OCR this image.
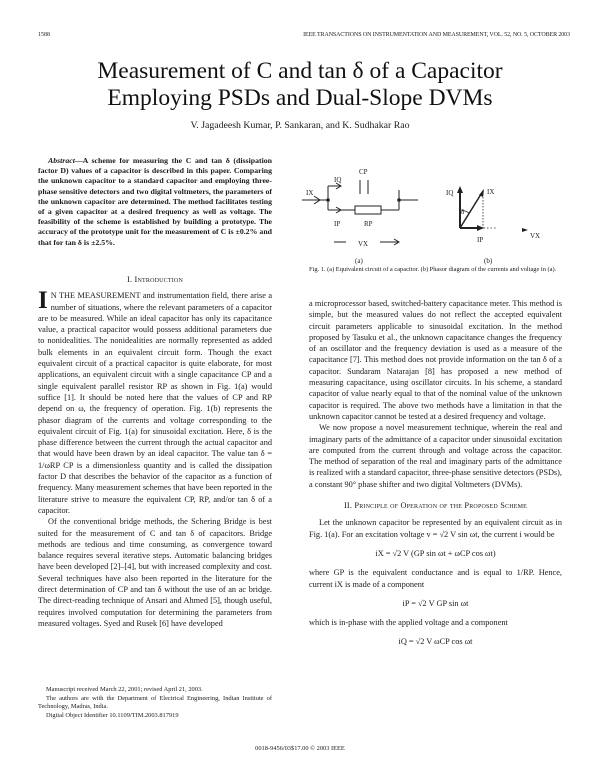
1588	IEEE TRANSACTIONS ON INSTRUMENTATION AND MEASUREMENT, VOL. 52, NO. 5, OCTOBER 2003
Measurement of C and tan δ of a Capacitor
Employing PSDs and Dual-Slope DVMs
V. Jagadeesh Kumar, P. Sankaran, and K. Sudhakar Rao

Abstract—A scheme for measuring the C and tan δ (dissipation factor D) values of a capacitor is described in this paper. Comparing the unknown capacitor to a standard capacitor and employing three-phase sensitive detectors and two digital voltmeters, the parameters of the unknown capacitor are determined. The method facilitates testing of a given capacitor at a desired frequency as well as voltage. The feasibility of the scheme is established by building a prototype. The accuracy of the prototype unit for the measurement of C is ±0.2% and that for tan δ is ±2.5%.

I. Introduction

I N THE MEASUREMENT and instrumentation field, there arise a number of situations, where the relevant parameters of a capacitor are to be measured. While an ideal capacitor has only its capacitance value, a practical capacitor would possess additional parameters due to nonidealities. The nonidealities are normally represented as added bulk elements in an equivalent circuit form. Though the exact equivalent circuit of a practical capacitor is quite elaborate, for most applications, an equivalent circuit with a single capacitance CP and a single equivalent parallel resistor RP as shown in Fig. 1(a) would suffice [1]. It should be noted here that the values of CP and RP depend on ω, the frequency of operation. Fig. 1(b) represents the phasor diagram of the currents and voltage corresponding to the equivalent circuit of Fig. 1(a) for sinusoidal excitation. Here, δ is the phase difference between the current through the actual capacitor and that would have been drawn by an ideal capacitor. The value tan δ = 1/ωRP CP is a dimensionless quantity and is called the dissipation factor D that describes the behavior of the capacitor as a function of frequency. Many measurement schemes that have been reported in the literature strive to measure the equivalent CP, RP, and/or tan δ of a capacitor.

Of the conventional bridge methods, the Schering Bridge is best suited for the measurement of C and tan δ of capacitors. Bridge methods are tedious and time consuming, as convergence toward balance requires several iterative steps. Automatic balancing bridges have been developed [2]–[4], but with increased complexity and cost. Several techniques have also been reported in the literature for the direct determination of CP and tan δ without the use of an ac bridge. The direct-reading technique of Ansari and Ahmed [5], though useful, requires involved computation for determining the parameters from measured voltages. Syed and Rusek [6] have developed

Manuscript received March 22, 2001; revised April 21, 2003.

The authors are with the Department of Electrical Engineering, Indian Institute of Technology, Madras, India.

Digital Object Identifier 10.1109/TIM.2003.817919

IX
IQ
CP
IP	RP
VX
(a)
IQ	IX
δ
IP	VX
(b)
Fig. 1. (a) Equivalent circuit of a capacitor. (b) Phasor diagram of the currents and voltage in (a).

a microprocessor based, switched-battery capacitance meter. This method is simple, but the measured values do not reflect the accepted equivalent circuit parameters applicable to sinusoidal excitation. In the method proposed by Tasuku et al., the unknown capacitance changes the frequency of an oscillator and the frequency deviation is used as a measure of the capacitance [7]. This method does not provide information on the tan δ of a capacitor. Sundaram Natarajan [8] has proposed a new method of measuring capacitance, using oscillator circuits. In his scheme, a standard capacitor of value nearly equal to that of the nominal value of the unknown capacitor is required. The above two methods have a limitation in that the unknown capacitor cannot be tested at a desired frequency and voltage.

We now propose a novel measurement technique, wherein the real and imaginary parts of the admittance of a capacitor under sinusoidal excitation are computed from the current through and voltage across the capacitor. The method of separation of the real and imaginary parts of the admittance is realized with a standard capacitor, three-phase sensitive detectors (PSDs), a constant 90° phase shifter and two digital Voltmeters (DVMs).

II. Principle of Operation of the Proposed Scheme

Let the unknown capacitor be represented by an equivalent circuit as in Fig. 1(a). For an excitation voltage v = √2 V sin ωt, the current i would be

iX = √2 V (GP sin ωt + ωCP cos ωt)

where GP is the equivalent conductance and is equal to 1/RP. Hence, current iX is made of a component

iP = √2 V GP sin ωt

which is in-phase with the applied voltage and a component

iQ = √2 V ωCP cos ωt
0018-9456/03$17.00 © 2003 IEEE
